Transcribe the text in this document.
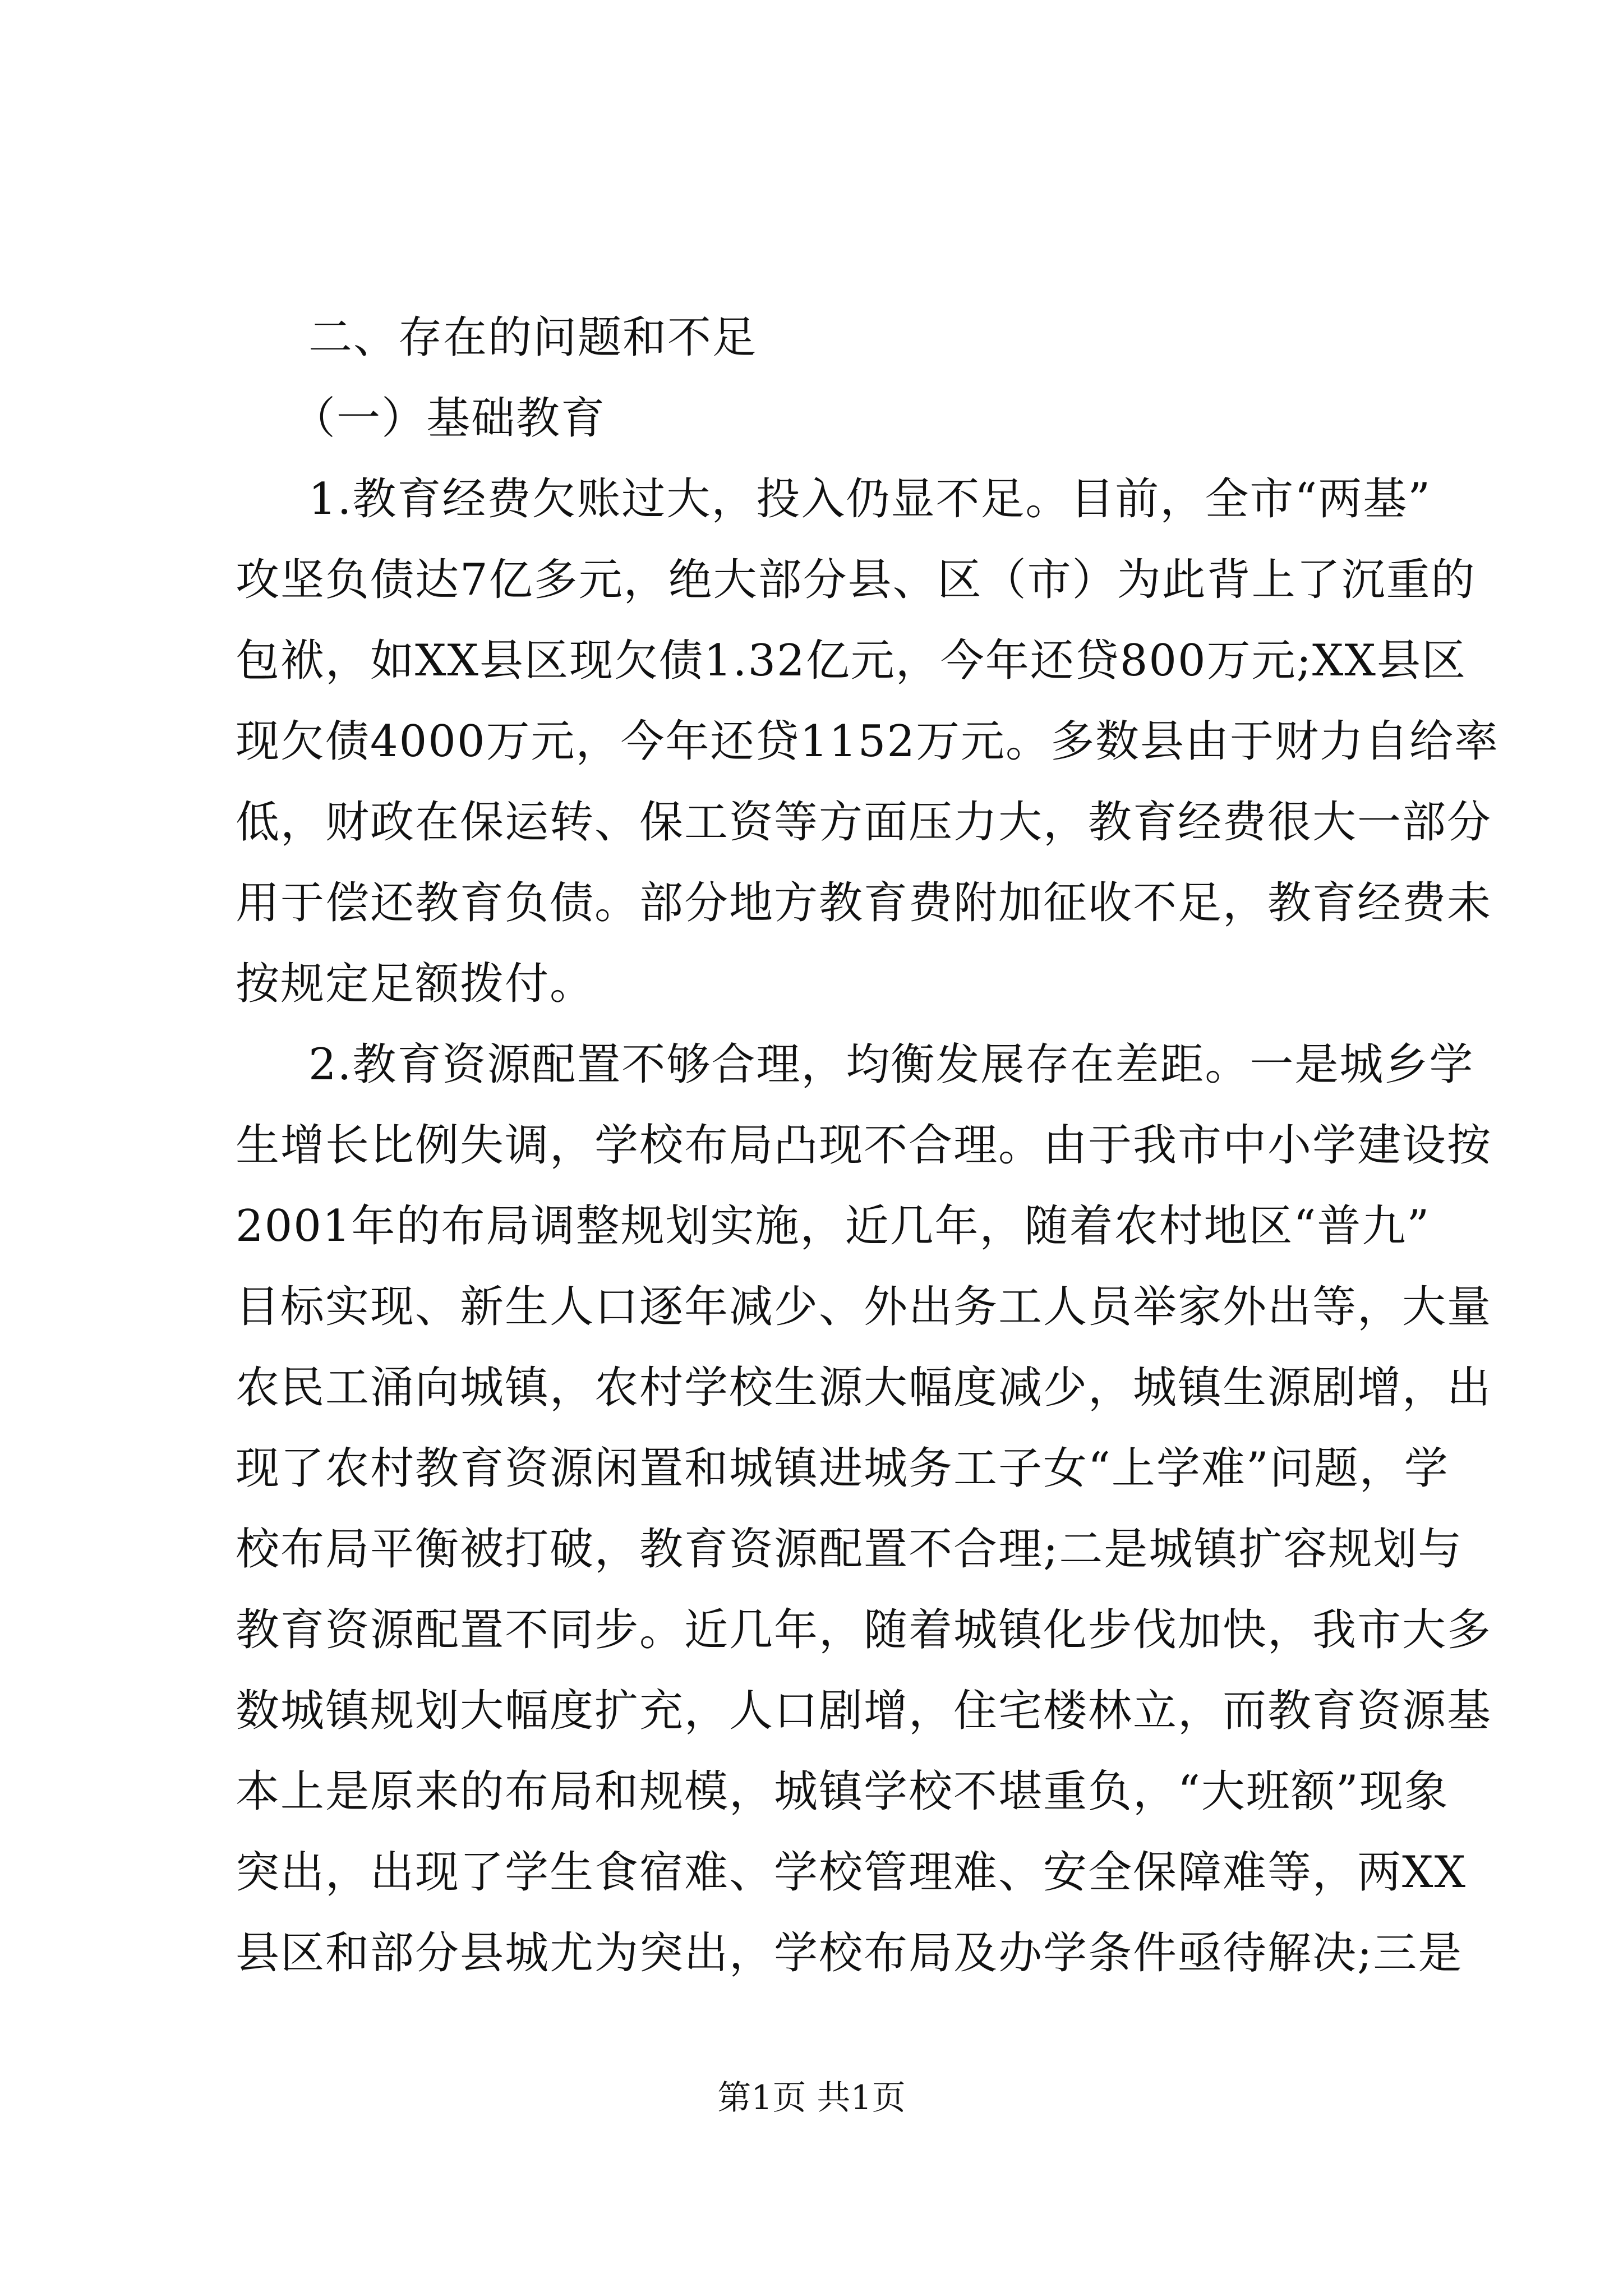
二、存在的问题和不足
（一）基础教育
1.教育经费欠账过大，投入仍显不足。目前，全市“两基”
攻坚负债达7亿多元，绝大部分县、区（市）为此背上了沉重的
包袱，如XX县区现欠债1.32亿元，今年还贷800万元;XX县区
现欠债4000万元，今年还贷1152万元。多数县由于财力自给率
低，财政在保运转、保工资等方面压力大，教育经费很大一部分
用于偿还教育负债。部分地方教育费附加征收不足，教育经费未
按规定足额拨付。
2.教育资源配置不够合理，均衡发展存在差距。一是城乡学
生增长比例失调，学校布局凸现不合理。由于我市中小学建设按
2001年的布局调整规划实施，近几年，随着农村地区“普九”
目标实现、新生人口逐年减少、外出务工人员举家外出等，大量
农民工涌向城镇，农村学校生源大幅度减少，城镇生源剧增，出
现了农村教育资源闲置和城镇进城务工子女“上学难”问题，学
校布局平衡被打破，教育资源配置不合理;二是城镇扩容规划与
教育资源配置不同步。近几年，随着城镇化步伐加快，我市大多
数城镇规划大幅度扩充，人口剧增，住宅楼林立，而教育资源基
本上是原来的布局和规模，城镇学校不堪重负，“大班额”现象
突出，出现了学生食宿难、学校管理难、安全保障难等，两XX
县区和部分县城尤为突出，学校布局及办学条件亟待解决;三是
第1页 共1页
